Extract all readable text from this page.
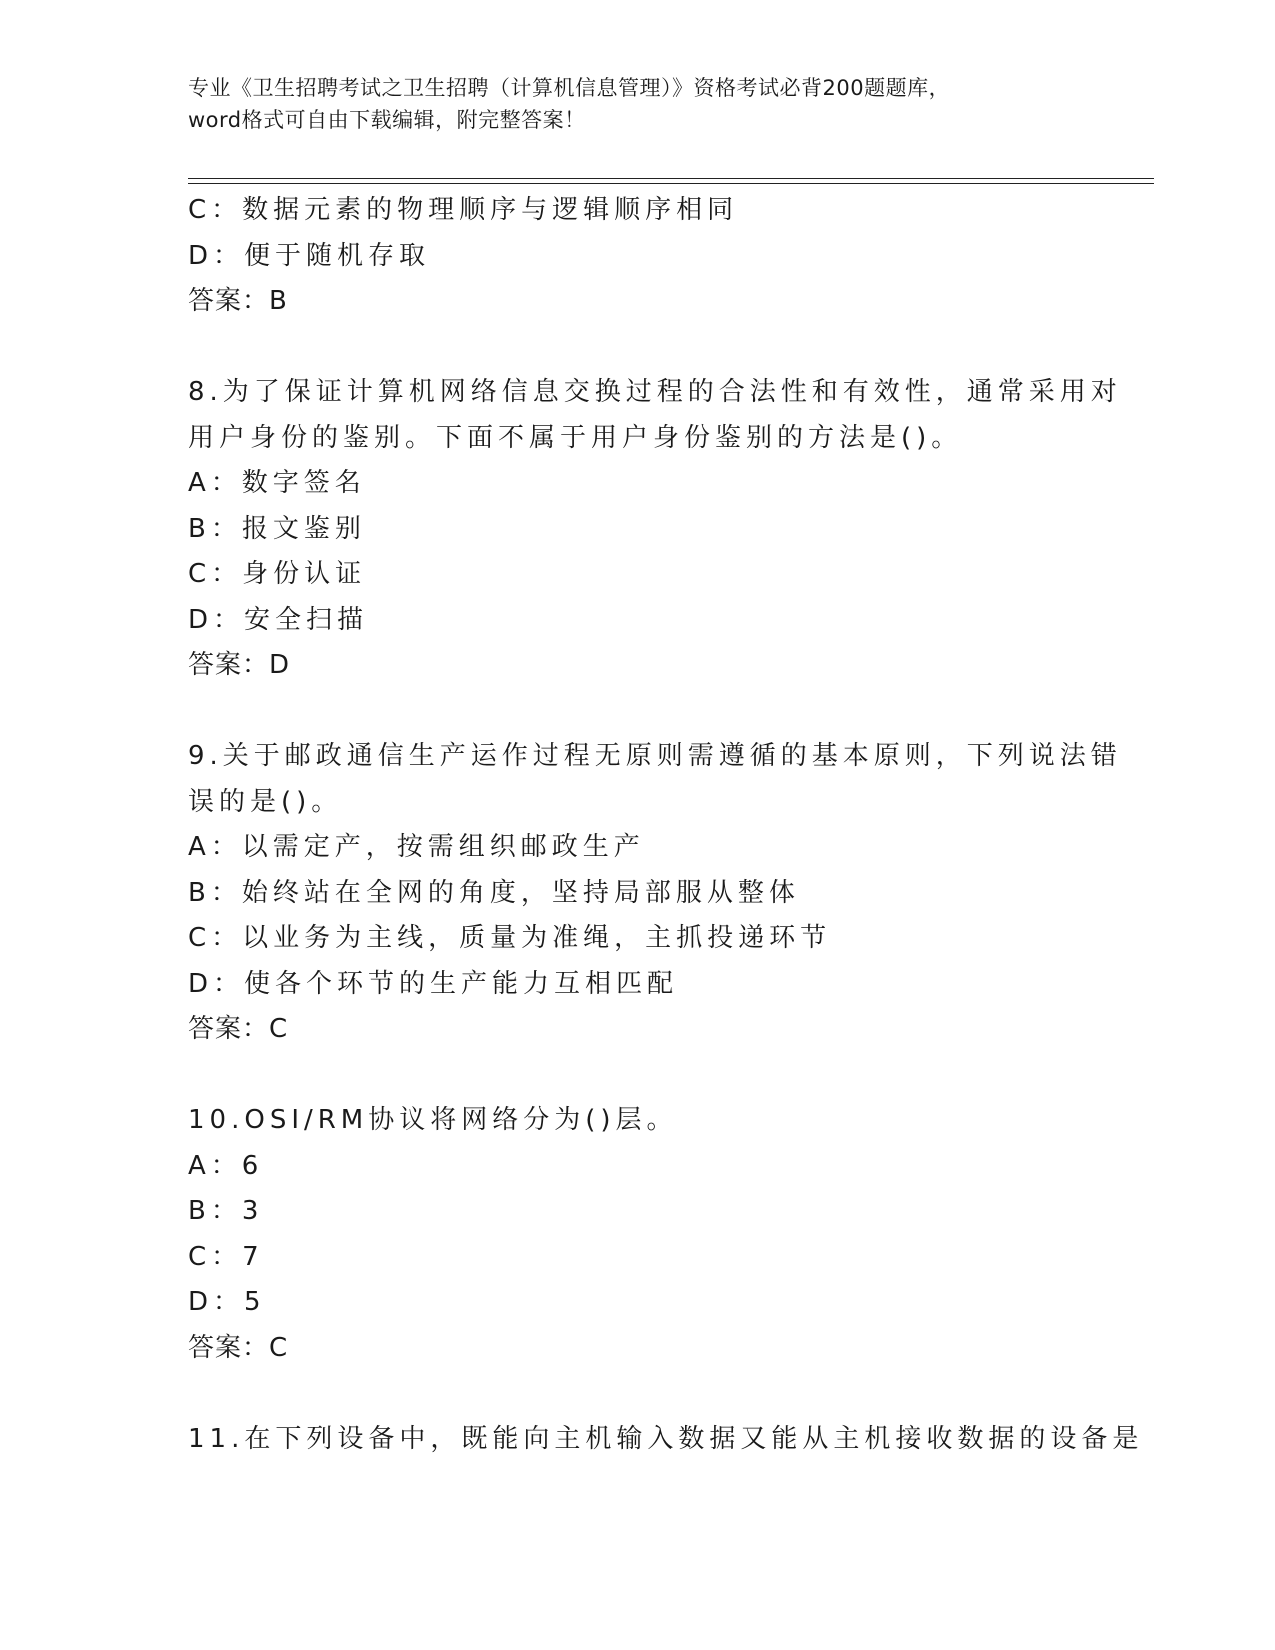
专业《卫生招聘考试之卫生招聘（计算机信息管理）》资格考试必背200题题库，
word格式可自由下载编辑，附完整答案！
C：数据元素的物理顺序与逻辑顺序相同
D：便于随机存取
答案：B
8.为了保证计算机网络信息交换过程的合法性和有效性，通常采用对
用户身份的鉴别。下面不属于用户身份鉴别的方法是()。
A：数字签名
B：报文鉴别
C：身份认证
D：安全扫描
答案：D
9.关于邮政通信生产运作过程无原则需遵循的基本原则，下列说法错
误的是()。
A：以需定产，按需组织邮政生产
B：始终站在全网的角度，坚持局部服从整体
C：以业务为主线，质量为准绳，主抓投递环节
D：使各个环节的生产能力互相匹配
答案：C
10.OSI/RM协议将网络分为()层。
A：6
B：3
C：7
D：5
答案：C
11.在下列设备中，既能向主机输入数据又能从主机接收数据的设备是
